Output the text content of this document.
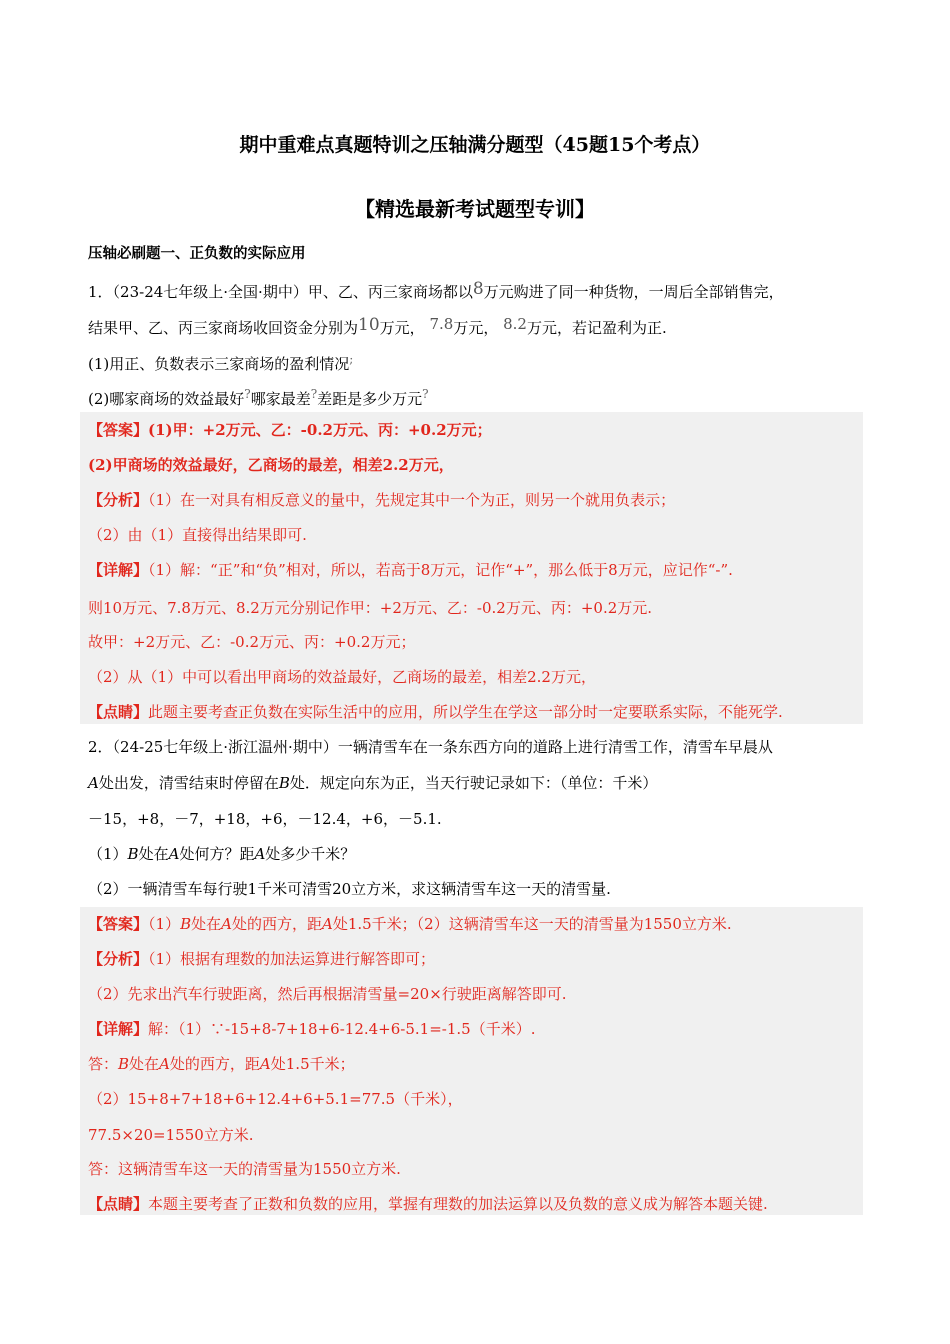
期中重难点真题特训之压轴满分题型（45题15个考点）
【精选最新考试题型专训】
压轴必刷题一、正负数的实际应用
1．（23-24七年级上·全国·期中）甲、乙、丙三家商场都以8万元购进了同一种货物，一周后全部销售完，
结果甲、乙、丙三家商场收回资金分别为10万元， 7.8万元， 8.2万元，若记盈利为正.
(1)用正、负数表示三家商场的盈利情况;
(2)哪家商场的效益最好?哪家最差?差距是多少万元?
【答案】(1)甲：+2万元、乙：-0.2万元、丙：+0.2万元；
(2)甲商场的效益最好，乙商场的最差，相差2.2万元，
【分析】（1）在一对具有相反意义的量中，先规定其中一个为正，则另一个就用负表示；
（2）由（1）直接得出结果即可.
【详解】（1）解：“正”和“负”相对，所以，若高于8万元，记作“+”，那么低于8万元，应记作“-”.
则10万元、7.8万元、8.2万元分别记作甲：+2万元、乙：-0.2万元、丙：+0.2万元.
故甲：+2万元、乙：-0.2万元、丙：+0.2万元；
（2）从（1）中可以看出甲商场的效益最好，乙商场的最差，相差2.2万元，
【点睛】此题主要考查正负数在实际生活中的应用，所以学生在学这一部分时一定要联系实际，不能死学.
2．（24-25七年级上·浙江温州·期中）一辆清雪车在一条东西方向的道路上进行清雪工作，清雪车早晨从
A处出发，清雪结束时停留在B处．规定向东为正，当天行驶记录如下：（单位：千米）
－15，+8，－7，+18，+6，－12.4，+6，－5.1.
（1）B处在A处何方？距A处多少千米？
（2）一辆清雪车每行驶1千米可清雪20立方米，求这辆清雪车这一天的清雪量.
【答案】（1）B处在A处的西方，距A处1.5千米；（2）这辆清雪车这一天的清雪量为1550立方米.
【分析】（1）根据有理数的加法运算进行解答即可；
（2）先求出汽车行驶距离，然后再根据清雪量=20×行驶距离解答即可.
【详解】解：（1）∵-15+8-7+18+6-12.4+6-5.1=-1.5（千米）.
答：B处在A处的西方，距A处1.5千米；
（2）15+8+7+18+6+12.4+6+5.1=77.5（千米），
77.5×20=1550立方米.
答：这辆清雪车这一天的清雪量为1550立方米.
【点睛】本题主要考查了正数和负数的应用，掌握有理数的加法运算以及负数的意义成为解答本题关键.
